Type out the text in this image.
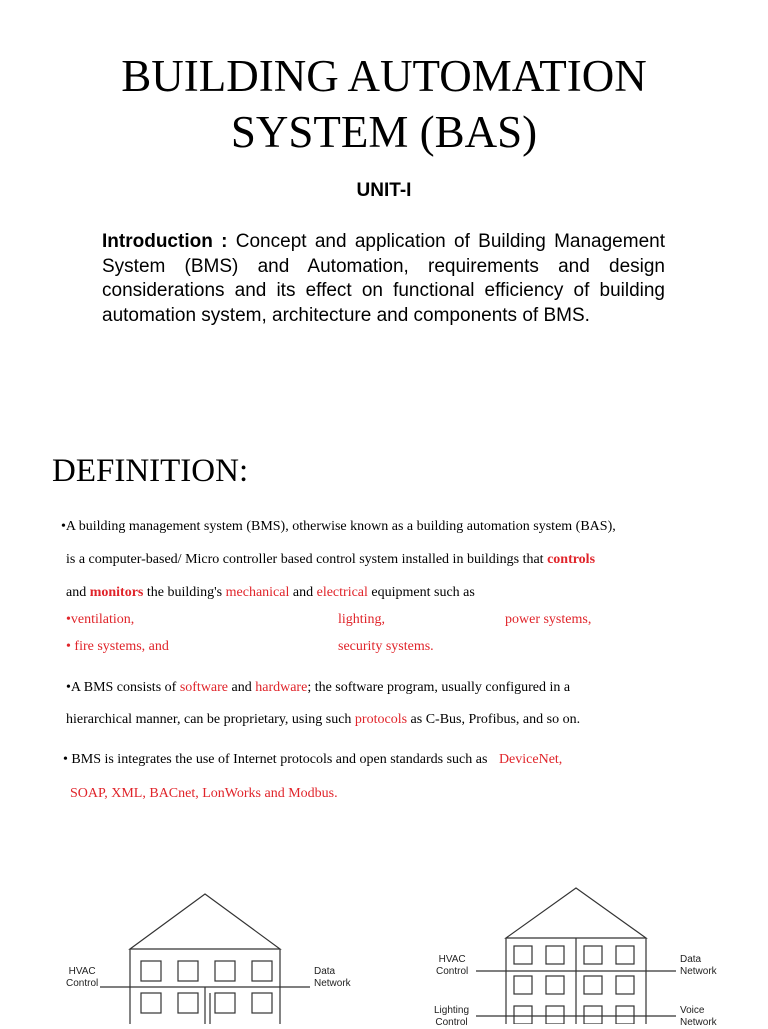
BUILDING AUTOMATION
SYSTEM (BAS)
UNIT-I
Introduction : Concept and application of Building Management System (BMS) and Automation, requirements and design considerations and its effect on functional efficiency of building automation system, architecture and components of BMS.
DEFINITION:
•A building management system (BMS), otherwise known as a building automation system (BAS),
is a computer-based/ Micro controller based control system installed in buildings that controls
and monitors the building's mechanical and electrical equipment such as
•ventilation,	lighting,	power systems,
• fire systems, and	security systems.
•A BMS consists of software and hardware; the software program, usually configured in a
hierarchical manner, can be proprietary, using such protocols as C-Bus, Profibus, and so on.
• BMS is integrates the use of Internet protocols and open standards such as DeviceNet,
SOAP, XML, BACnet, LonWorks and Modbus.
HVAC
Control
Data
Network
HVAC
Control
Data
Network
Lighting
Control
Voice
Network
